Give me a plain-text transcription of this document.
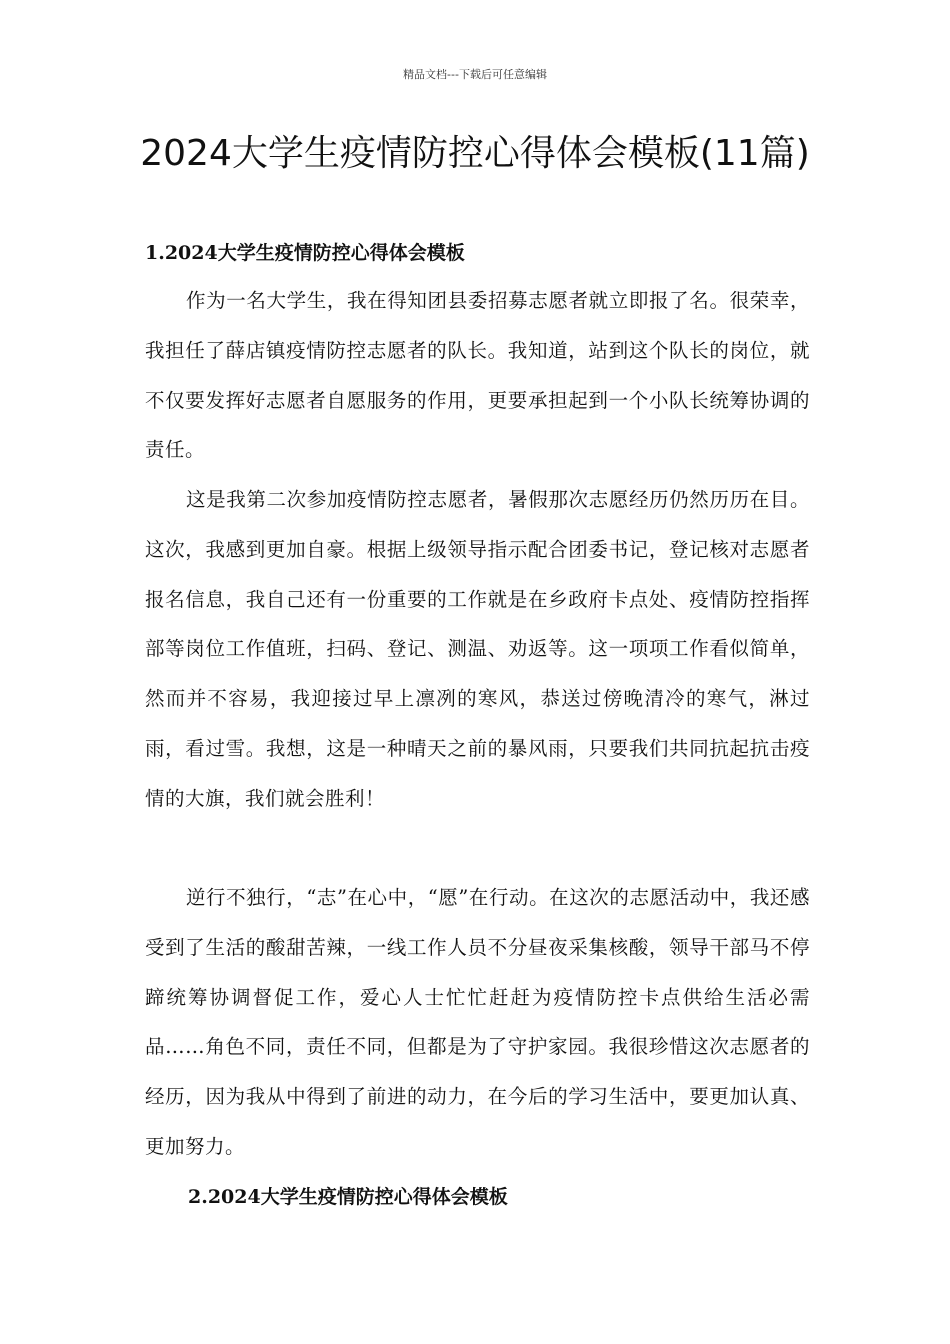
精品文档---下载后可任意编辑
2024大学生疫情防控心得体会模板(11篇)
1.2024大学生疫情防控心得体会模板

作为一名大学生，我在得知团县委招募志愿者就立即报了名。很荣幸，我担任了薛店镇疫情防控志愿者的队长。我知道，站到这个队长的岗位，就不仅要发挥好志愿者自愿服务的作用，更要承担起到一个小队长统筹协调的责任。

这是我第二次参加疫情防控志愿者，暑假那次志愿经历仍然历历在目。这次，我感到更加自豪。根据上级领导指示配合团委书记，登记核对志愿者报名信息，我自己还有一份重要的工作就是在乡政府卡点处、疫情防控指挥部等岗位工作值班，扫码、登记、测温、劝返等。这一项项工作看似简单，然而并不容易，我迎接过早上凛冽的寒风，恭送过傍晚清冷的寒气，淋过雨，看过雪。我想，这是一种晴天之前的暴风雨，只要我们共同抗起抗击疫情的大旗，我们就会胜利！

逆行不独行，“志”在心中，“愿”在行动。在这次的志愿活动中，我还感受到了生活的酸甜苦辣，一线工作人员不分昼夜采集核酸，领导干部马不停蹄统筹协调督促工作，爱心人士忙忙赶赶为疫情防控卡点供给生活必需品……角色不同，责任不同，但都是为了守护家园。我很珍惜这次志愿者的经历，因为我从中得到了前进的动力，在今后的学习生活中，要更加认真、更加努力。

2.2024大学生疫情防控心得体会模板
